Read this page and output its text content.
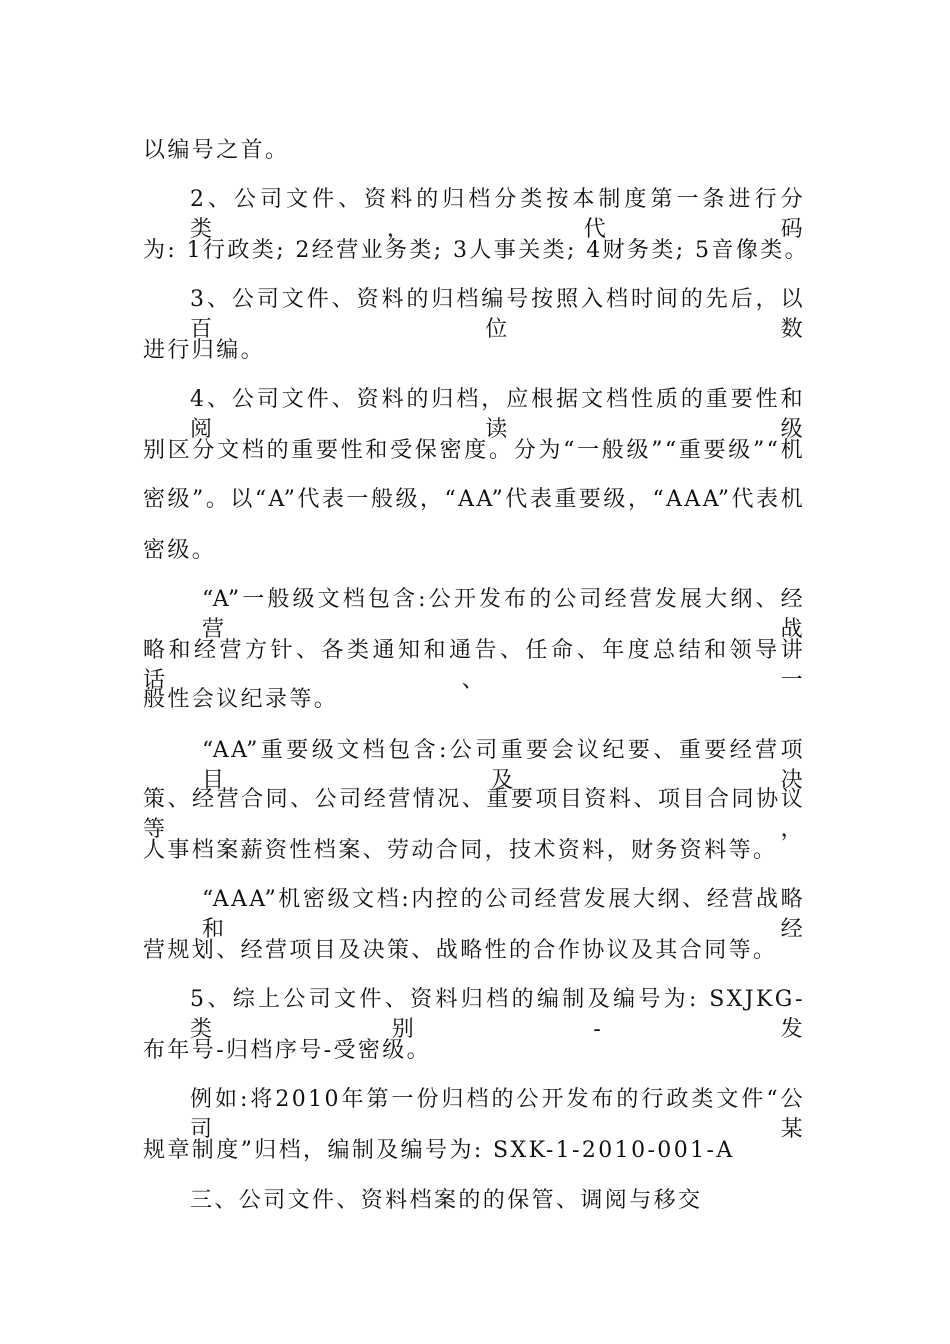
以编号之首。
2、公司文件、资料的归档分类按本制度第一条进行分类，代码
为: 1行政类; 2经营业务类; 3人事关类; 4财务类; 5音像类。
3、公司文件、资料的归档编号按照入档时间的先后，以百位数
进行归编。
4、公司文件、资料的归档，应根据文档性质的重要性和阅读级
别区分文档的重要性和受保密度。分为“一般级”“重要级”“机
密级”。以“A”代表一般级，“AA”代表重要级，“AAA”代表机
密级。
“A”一般级文档包含:公开发布的公司经营发展大纲、经营战
略和经营方针、各类通知和通告、任命、年度总结和领导讲话、一
般性会议纪录等。
“AA”重要级文档包含:公司重要会议纪要、重要经营项目及决
策、经营合同、公司经营情况、重要项目资料、项目合同协议等，
人事档案薪资性档案、劳动合同，技术资料，财务资料等。
“AAA”机密级文档:内控的公司经营发展大纲、经营战略和经
营规划、经营项目及决策、战略性的合作协议及其合同等。
5、综上公司文件、资料归档的编制及编号为: SXJKG-类别-发
布年号-归档序号-受密级。
例如:将2010年第一份归档的公开发布的行政类文件“公司某
规章制度”归档，编制及编号为: SXK-1-2010-001-A
三、公司文件、资料档案的的保管、调阅与移交
